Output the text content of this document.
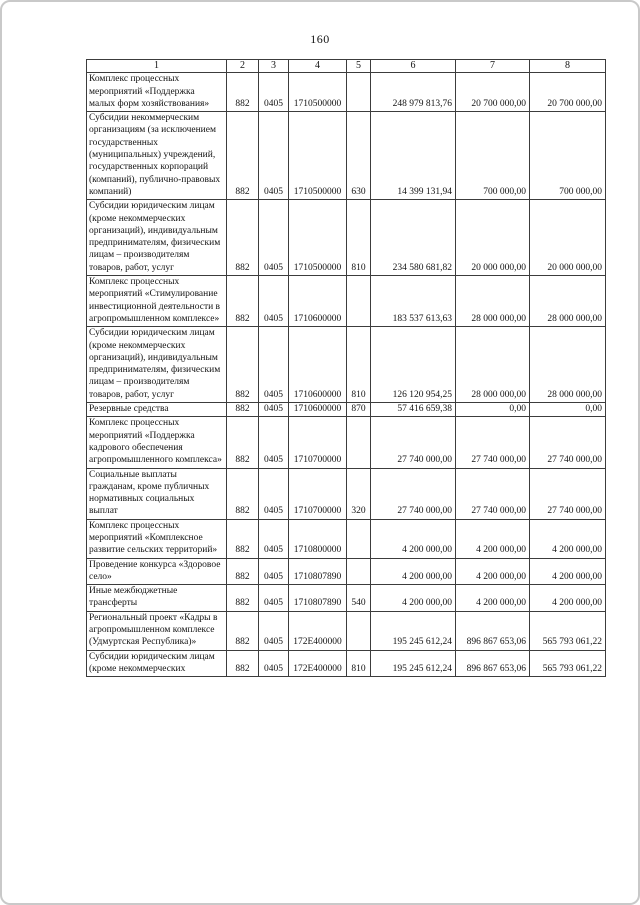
160
1	2	3	4	5	6	7	8
Комплекс процессных мероприятий «Поддержка малых форм хозяйствования»	882	0405	1710500000		248 979 813,76	20 700 000,00	20 700 000,00
Субсидии некоммерческим организациям (за исключением государственных (муниципальных) учреждений, государственных корпораций (компаний), публично-правовых компаний)	882	0405	1710500000	630	14 399 131,94	700 000,00	700 000,00
Субсидии юридическим лицам (кроме некоммерческих организаций), индивидуальным предпринимателям, физическим лицам – производителям товаров, работ, услуг	882	0405	1710500000	810	234 580 681,82	20 000 000,00	20 000 000,00
Комплекс процессных мероприятий «Стимулирование инвестиционной деятельности в агропромышленном комплексе»	882	0405	1710600000		183 537 613,63	28 000 000,00	28 000 000,00
Субсидии юридическим лицам (кроме некоммерческих организаций), индивидуальным предпринимателям, физическим лицам – производителям товаров, работ, услуг	882	0405	1710600000	810	126 120 954,25	28 000 000,00	28 000 000,00
Резервные средства	882	0405	1710600000	870	57 416 659,38	0,00	0,00
Комплекс процессных мероприятий «Поддержка кадрового обеспечения агропромышленного комплекса»	882	0405	1710700000		27 740 000,00	27 740 000,00	27 740 000,00
Социальные выплаты гражданам, кроме публичных нормативных социальных выплат	882	0405	1710700000	320	27 740 000,00	27 740 000,00	27 740 000,00
Комплекс процессных мероприятий «Комплексное развитие сельских территорий»	882	0405	1710800000		4 200 000,00	4 200 000,00	4 200 000,00
Проведение конкурса «Здоровое село»	882	0405	1710807890		4 200 000,00	4 200 000,00	4 200 000,00
Иные межбюджетные трансферты	882	0405	1710807890	540	4 200 000,00	4 200 000,00	4 200 000,00
Региональный проект «Кадры в агропромышленном комплексе (Удмуртская Республика)»	882	0405	172E400000		195 245 612,24	896 867 653,06	565 793 061,22
Субсидии юридическим лицам (кроме некоммерческих	882	0405	172E400000	810	195 245 612,24	896 867 653,06	565 793 061,22
